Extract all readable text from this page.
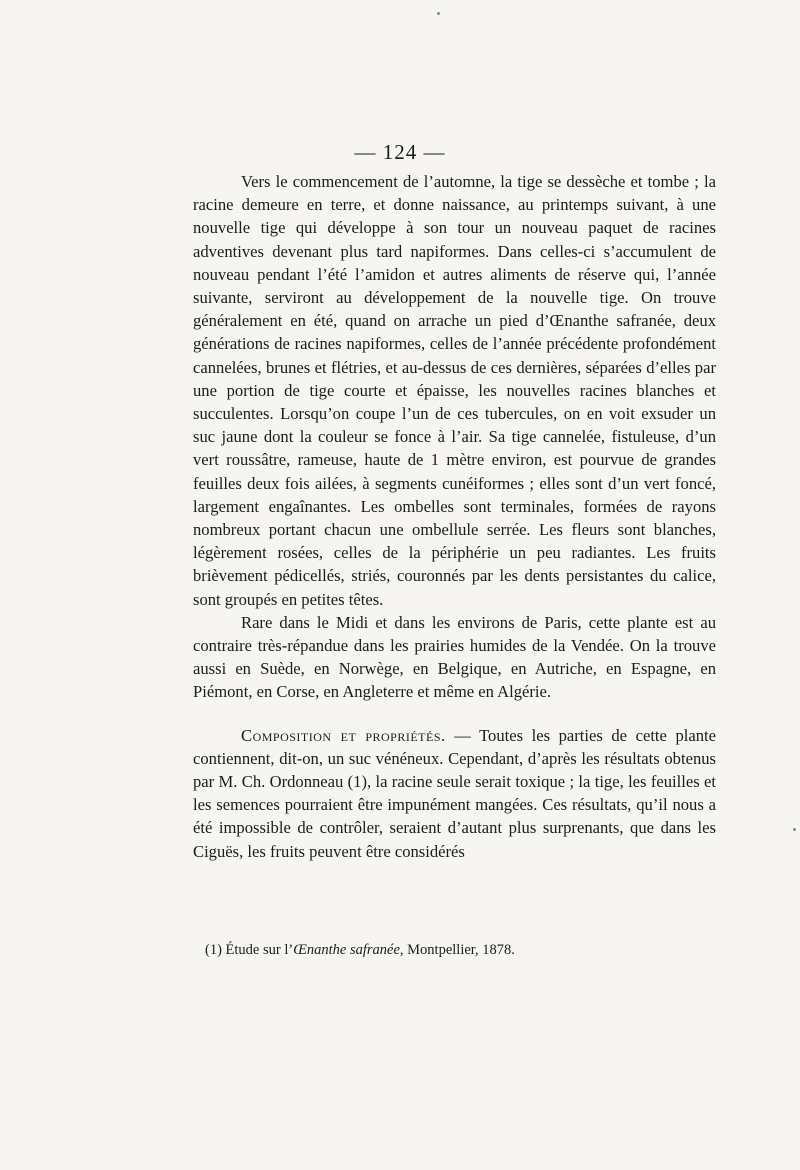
— 124 —

Vers le commencement de l’automne, la tige se dessèche et tombe ; la racine demeure en terre, et donne naissance, au printemps suivant, à une nouvelle tige qui développe à son tour un nouveau paquet de racines adventives devenant plus tard napiformes. Dans celles-ci s’accumulent de nouveau pendant l’été l’amidon et autres aliments de réserve qui, l’année suivante, serviront au développement de la nouvelle tige. On trouve généralement en été, quand on arrache un pied d’Œnanthe safranée, deux générations de racines napiformes, celles de l’année précédente profondément cannelées, brunes et flétries, et au-dessus de ces dernières, séparées d’elles par une portion de tige courte et épaisse, les nouvelles racines blanches et succulentes. Lorsqu’on coupe l’un de ces tubercules, on en voit exsuder un suc jaune dont la couleur se fonce à l’air. Sa tige cannelée, fistuleuse, d’un vert roussâtre, rameuse, haute de 1 mètre environ, est pourvue de grandes feuilles deux fois ailées, à segments cunéiformes ; elles sont d’un vert foncé, largement engaînantes. Les ombelles sont terminales, formées de rayons nombreux portant chacun une ombellule serrée. Les fleurs sont blanches, légèrement rosées, celles de la périphérie un peu radiantes. Les fruits brièvement pédicellés, striés, couronnés par les dents persistantes du calice, sont groupés en petites têtes.

Rare dans le Midi et dans les environs de Paris, cette plante est au contraire très-répandue dans les prairies humides de la Vendée. On la trouve aussi en Suède, en Norwège, en Belgique, en Autriche, en Espagne, en Piémont, en Corse, en Angleterre et même en Algérie.

Composition et propriétés. — Toutes les parties de cette plante contiennent, dit-on, un suc vénéneux. Cependant, d’après les résultats obtenus par M. Ch. Ordonneau (1), la racine seule serait toxique ; la tige, les feuilles et les semences pourraient être impunément mangées. Ces résultats, qu’il nous a été impossible de contrôler, seraient d’autant plus surprenants, que dans les Ciguës, les fruits peuvent être considérés

(1) Étude sur l’Œnanthe safranée, Montpellier, 1878.
